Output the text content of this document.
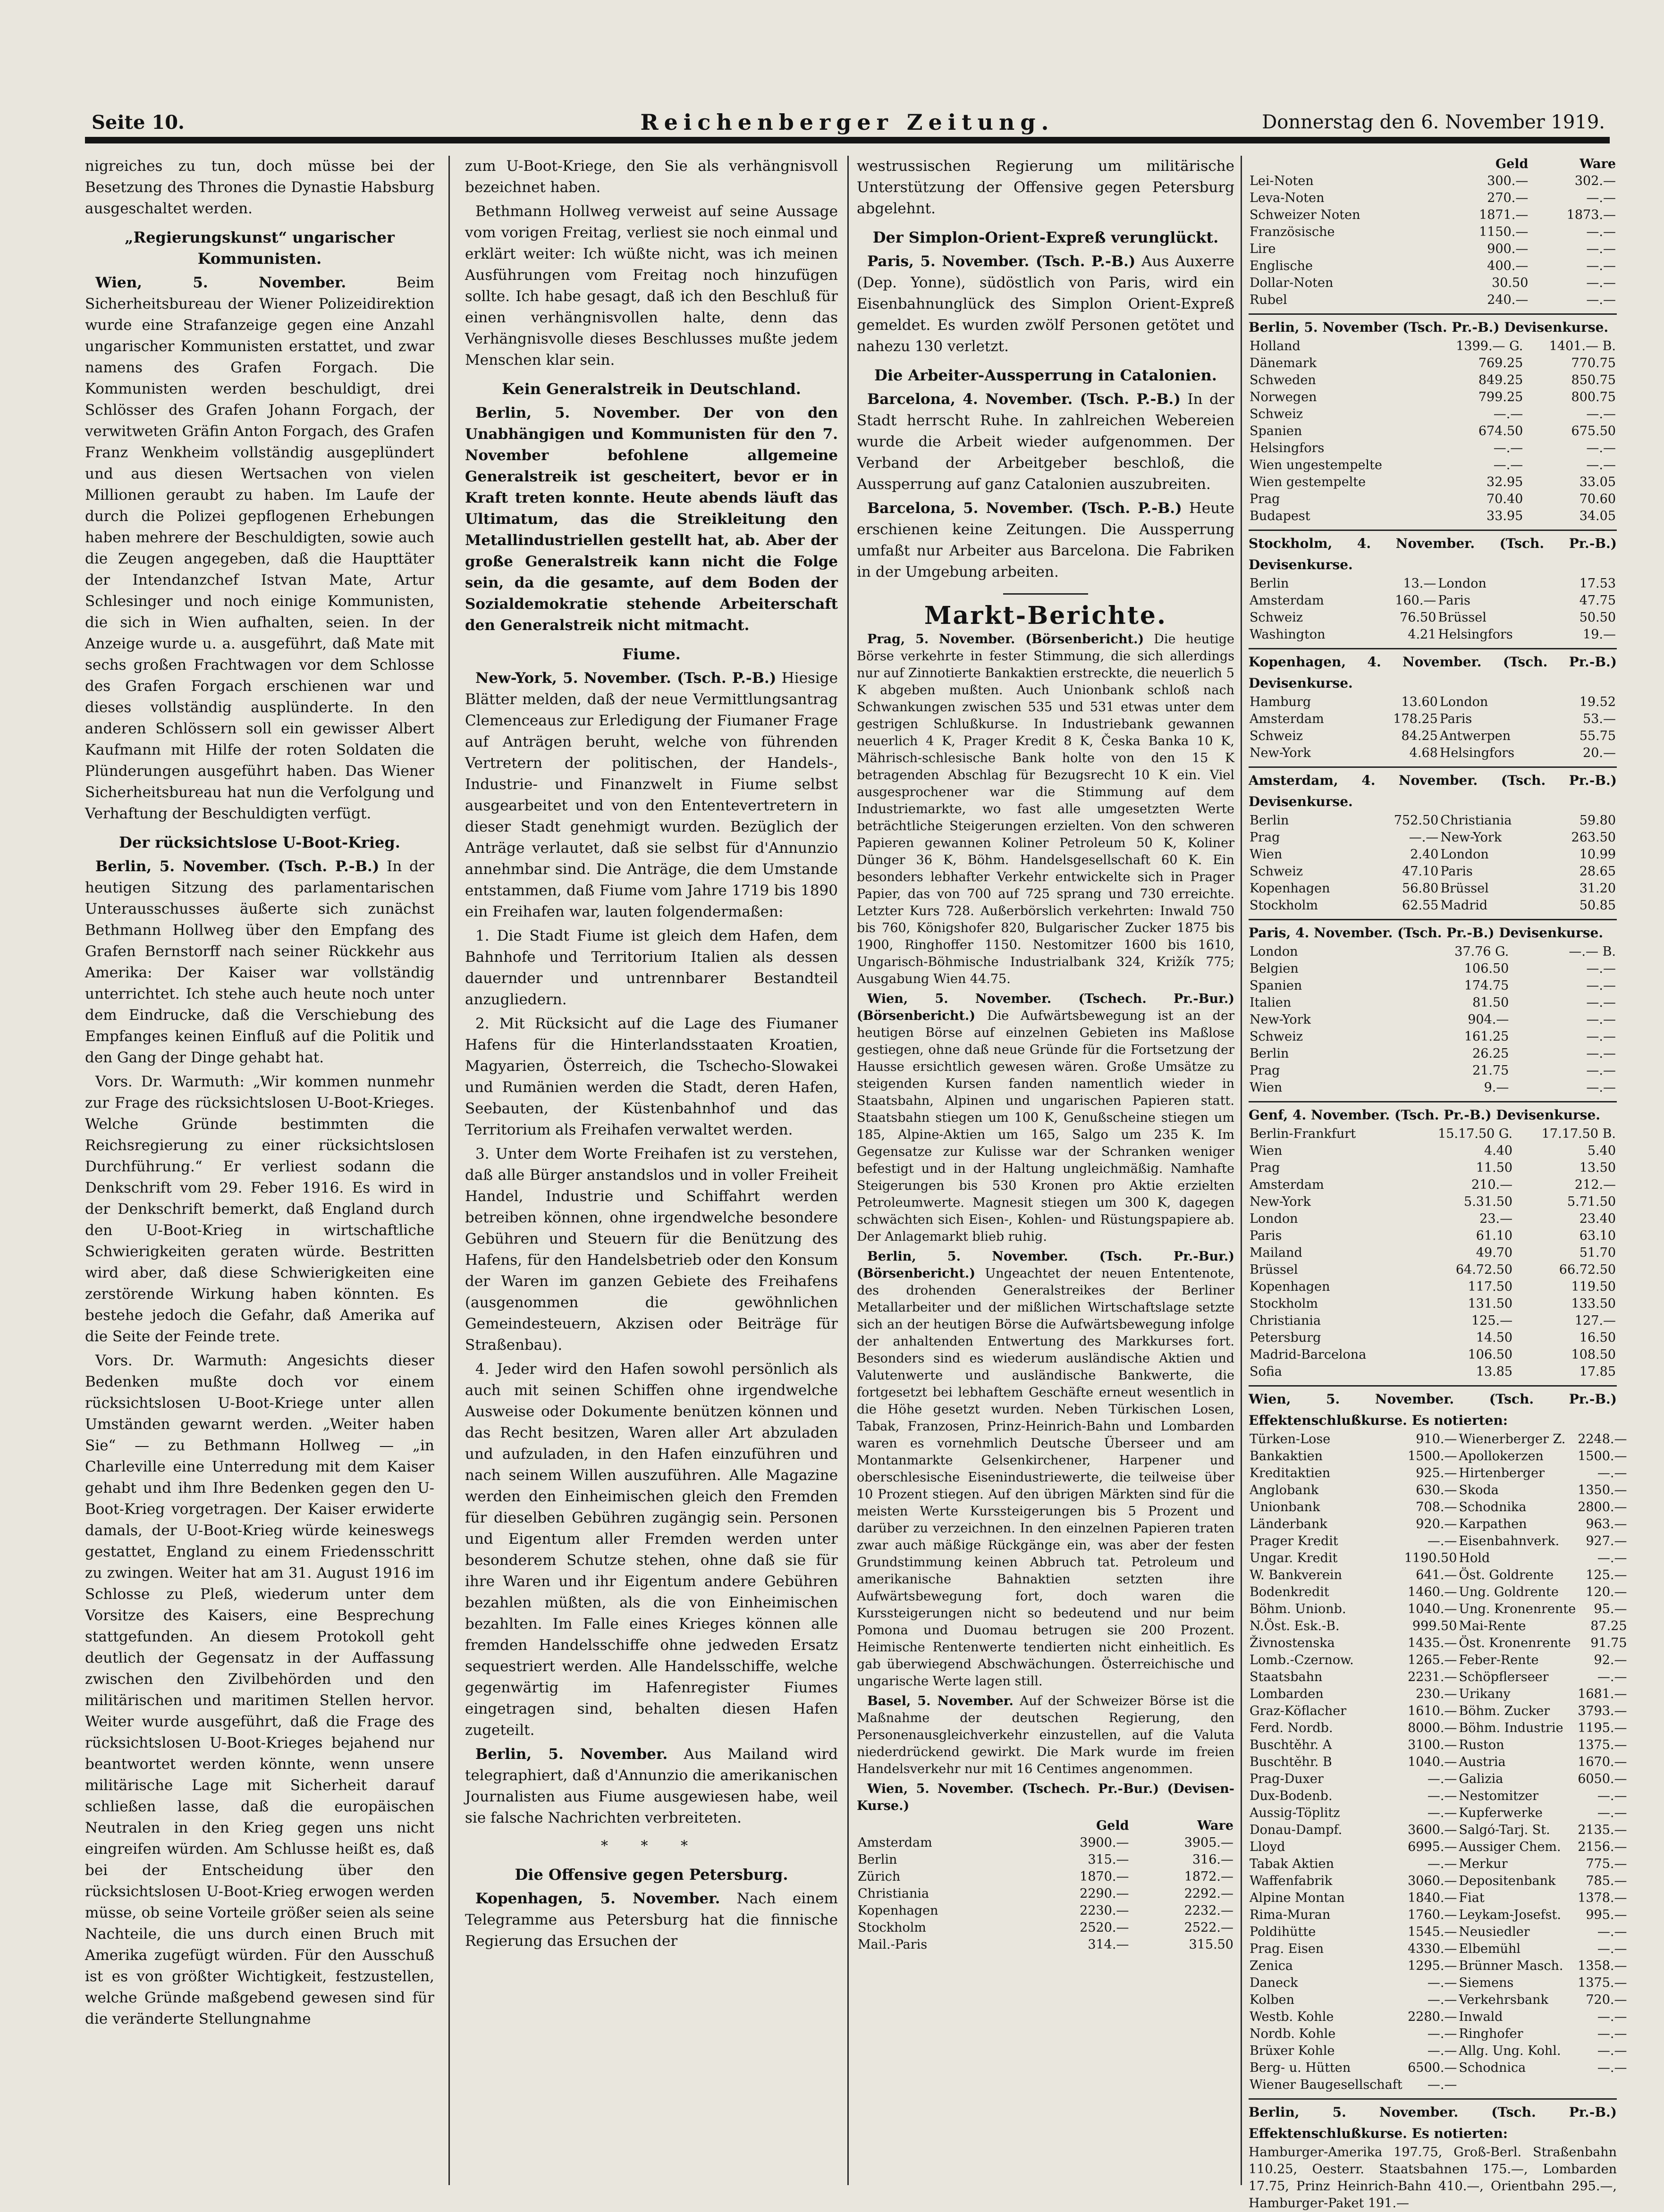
Seite 10.	Reichenberger Zeitung.	Donnerstag den 6. November 1919.

nigreiches zu tun, doch müsse bei der Besetzung des Thrones die Dynastie Habsburg ausgeschaltet werden.

„Regierungskunst“ ungarischer Kommunisten.

Wien, 5. November.	Beim Sicherheitsbureau der Wiener Polizeidirektion wurde eine Strafanzeige gegen eine Anzahl ungarischer Kommunisten erstattet, und zwar namens des Grafen Forgach. Die Kommunisten werden beschuldigt, drei Schlösser des Grafen Johann Forgach, der verwitweten Gräfin Anton Forgach, des Grafen Franz Wenkheim vollständig ausgeplündert und aus diesen Wertsachen von vielen Millionen geraubt zu haben. Im Laufe der durch die Polizei gepflogenen Erhebungen haben mehrere der Beschuldigten, sowie auch die Zeugen angegeben, daß die Haupttäter der Intendanzchef Istvan Mate, Artur Schlesinger und noch einige Kommunisten, die sich in Wien aufhalten, seien. In der Anzeige wurde u. a. ausgeführt, daß Mate mit sechs großen Frachtwagen vor dem Schlosse des Grafen Forgach erschienen war und dieses vollständig ausplünderte. In den anderen Schlössern soll ein gewisser Albert Kaufmann mit Hilfe der roten Soldaten die Plünderungen ausgeführt haben. Das Wiener Sicherheitsbureau hat nun die Verfolgung und Verhaftung der Beschuldigten verfügt.

Der rücksichtslose U-Boot-Krieg.

Berlin, 5. November. (Tsch. P.-B.) In der heutigen Sitzung des parlamentarischen Unterausschusses äußerte sich zunächst Bethmann Hollweg über den Empfang des Grafen Bernstorff nach seiner Rückkehr aus Amerika: Der Kaiser war vollständig unterrichtet. Ich stehe auch heute noch unter dem Eindrucke, daß die Verschiebung des Empfanges keinen Einfluß auf die Politik und den Gang der Dinge gehabt hat.

Vors. Dr. Warmuth: „Wir kommen nunmehr zur Frage des rücksichtslosen U-Boot-Krieges. Welche Gründe bestimmten die Reichsregierung zu einer rücksichtslosen Durchführung.“ Er verliest sodann die Denkschrift vom 29. Feber 1916. Es wird in der Denkschrift bemerkt, daß England durch den U-Boot-Krieg in wirtschaftliche Schwierigkeiten geraten würde. Bestritten wird aber, daß diese Schwierigkeiten eine zerstörende Wirkung haben könnten. Es bestehe jedoch die Gefahr, daß Amerika auf die Seite der Feinde trete.

Vors. Dr. Warmuth: Angesichts dieser Bedenken mußte doch vor einem rücksichtslosen U-Boot-Kriege unter allen Umständen gewarnt werden. „Weiter haben Sie“ — zu Bethmann Hollweg — „in Charleville eine Unterredung mit dem Kaiser gehabt und ihm Ihre Bedenken gegen den U-Boot-Krieg vorgetragen. Der Kaiser erwiderte damals, der U-Boot-Krieg würde keineswegs gestattet, England zu einem Friedensschritt zu zwingen. Weiter hat am 31. August 1916 im Schlosse zu Pleß, wiederum unter dem Vorsitze des Kaisers, eine Besprechung stattgefunden. An diesem Protokoll geht deutlich der Gegensatz in der Auffassung zwischen den Zivilbehörden und den militärischen und maritimen Stellen hervor. Weiter wurde ausgeführt, daß die Frage des rücksichtslosen U-Boot-Krieges bejahend nur beantwortet werden könnte, wenn unsere militärische Lage mit Sicherheit darauf schließen lasse, daß die europäischen Neutralen in den Krieg gegen uns nicht eingreifen würden. Am Schlusse heißt es, daß bei der Entscheidung über den rücksichtslosen U-Boot-Krieg erwogen werden müsse, ob seine Vorteile größer seien als seine Nachteile, die uns durch einen Bruch mit Amerika zugefügt würden. Für den Ausschuß ist es von größter Wichtigkeit, festzustellen, welche Gründe maßgebend gewesen sind für die veränderte Stellungnahme

zum U-Boot-Kriege, den Sie als verhängnisvoll bezeichnet haben.

Bethmann Hollweg verweist auf seine Aussage vom vorigen Freitag, verliest sie noch einmal und erklärt weiter: Ich wüßte nicht, was ich meinen Ausführungen vom Freitag noch hinzufügen sollte. Ich habe gesagt, daß ich den Beschluß für einen verhängnisvollen halte, denn das Verhängnisvolle dieses Beschlusses mußte jedem Menschen klar sein.

Kein Generalstreik in Deutschland.

Berlin, 5. November. Der von den Unabhängigen und Kommunisten für den 7. November befohlene allgemeine Generalstreik ist gescheitert, bevor er in Kraft treten konnte. Heute abends läuft das Ultimatum, das die Streikleitung den Metallindustriellen gestellt hat, ab. Aber der große Generalstreik kann nicht die Folge sein, da die gesamte, auf dem Boden der Sozialdemokratie stehende Arbeiterschaft den Generalstreik nicht mitmacht.

Fiume.

New-York, 5. November. (Tsch. P.-B.) Hiesige Blätter melden, daß der neue Vermittlungsantrag Clemenceaus zur Erledigung der Fiumaner Frage auf Anträgen beruht, welche von führenden Vertretern der politischen, der Handels-, Industrie- und Finanzwelt in Fiume selbst ausgearbeitet und von den Ententevertretern in dieser Stadt genehmigt wurden. Bezüglich der Anträge verlautet, daß sie selbst für d'Annunzio annehmbar sind. Die Anträge, die dem Umstande entstammen, daß Fiume vom Jahre 1719 bis 1890 ein Freihafen war, lauten folgendermaßen:

1. Die Stadt Fiume ist gleich dem Hafen, dem Bahnhofe und Territorium Italien als dessen dauernder und untrennbarer Bestandteil anzugliedern.

2. Mit Rücksicht auf die Lage des Fiumaner Hafens für die Hinterlandsstaaten Kroatien, Magyarien, Österreich, die Tschecho-Slowakei und Rumänien werden die Stadt, deren Hafen, Seebauten, der Küstenbahnhof und das Territorium als Freihafen verwaltet werden.

3. Unter dem Worte Freihafen ist zu verstehen, daß alle Bürger anstandslos und in voller Freiheit Handel, Industrie und Schiffahrt werden betreiben können, ohne irgendwelche besondere Gebühren und Steuern für die Benützung des Hafens, für den Handelsbetrieb oder den Konsum der Waren im ganzen Gebiete des Freihafens (ausgenommen die gewöhnlichen Gemeindesteuern, Akzisen oder Beiträge für Straßenbau).

4. Jeder wird den Hafen sowohl persönlich als auch mit seinen Schiffen ohne irgendwelche Ausweise oder Dokumente benützen können und das Recht besitzen, Waren aller Art abzuladen und aufzuladen, in den Hafen einzuführen und nach seinem Willen auszuführen. Alle Magazine werden den Einheimischen gleich den Fremden für dieselben Gebühren zugängig sein. Personen und Eigentum aller Fremden werden unter besonderem Schutze stehen, ohne daß sie für ihre Waren und ihr Eigentum andere Gebühren bezahlen müßten, als die von Einheimischen bezahlten. Im Falle eines Krieges können alle fremden Handelsschiffe ohne jedweden Ersatz sequestriert werden. Alle Handelsschiffe, welche gegenwärtig im Hafenregister Fiumes eingetragen sind, behalten diesen Hafen zugeteilt.

Berlin, 5. November. Aus Mailand wird telegraphiert, daß d'Annunzio die amerikanischen Journalisten aus Fiume ausgewiesen habe, weil sie falsche Nachrichten verbreiteten.

* * *
Die Offensive gegen Petersburg.

Kopenhagen, 5. November. Nach einem Telegramme aus Petersburg hat die finnische Regierung das Ersuchen der

westrussischen Regierung um militärische Unterstützung der Offensive gegen Petersburg abgelehnt.

Der Simplon-Orient-Expreß verunglückt.

Paris, 5. November. (Tsch. P.-B.) Aus Auxerre (Dep. Yonne), südöstlich von Paris, wird ein Eisenbahnunglück des Simplon Orient-Expreß gemeldet. Es wurden zwölf Personen getötet und nahezu 130 verletzt.

Die Arbeiter-Aussperrung in Catalonien.

Barcelona, 4. November. (Tsch. P.-B.) In der Stadt herrscht Ruhe. In zahlreichen Webereien wurde die Arbeit wieder aufgenommen. Der Verband der Arbeitgeber beschloß, die Aussperrung auf ganz Catalonien auszubreiten.

Barcelona, 5. November. (Tsch. P.-B.) Heute erschienen keine Zeitungen. Die Aussperrung umfaßt nur Arbeiter aus Barcelona. Die Fabriken in der Umgebung arbeiten.

Markt-Berichte.

Prag, 5. November. (Börsenbericht.) Die heutige Börse verkehrte in fester Stimmung, die sich allerdings nur auf Zinnotierte Bankaktien erstreckte, die neuerlich 5 K abgeben mußten. Auch Unionbank schloß nach Schwankungen zwischen 535 und 531 etwas unter dem gestrigen Schlußkurse. In Industriebank gewannen neuerlich 4 K, Prager Kredit 8 K, Česka Banka 10 K, Mährisch-schlesische Bank holte von den 15 K betragenden Abschlag für Bezugsrecht 10 K ein. Viel ausgesprochener war die Stimmung auf dem Industriemarkte, wo fast alle umgesetzten Werte beträchtliche Steigerungen erzielten. Von den schweren Papieren gewannen Koliner Petroleum 50 K, Koliner Dünger 36 K, Böhm. Handelsgesellschaft 60 K. Ein besonders lebhafter Verkehr entwickelte sich in Prager Papier, das von 700 auf 725 sprang und 730 erreichte. Letzter Kurs 728. Außerbörslich verkehrten: Inwald 750 bis 760, Königshofer 820, Bulgarischer Zucker 1875 bis 1900, Ringhoffer 1150. Nestomitzer 1600 bis 1610, Ungarisch-Böhmische Industrialbank 324, Križík 775; Ausgabung Wien 44.75.

Wien, 5. November. (Tschech. Pr.-Bur.) (Börsenbericht.) Die Aufwärtsbewegung ist an der heutigen Börse auf einzelnen Gebieten ins Maßlose gestiegen, ohne daß neue Gründe für die Fortsetzung der Hausse ersichtlich gewesen wären. Große Umsätze zu steigenden Kursen fanden namentlich wieder in Staatsbahn, Alpinen und ungarischen Papieren statt. Staatsbahn stiegen um 100 K, Genußscheine stiegen um 185, Alpine-Aktien um 165, Salgo um 235 K. Im Gegensatze zur Kulisse war der Schranken weniger befestigt und in der Haltung ungleichmäßig. Namhafte Steigerungen bis 530 Kronen pro Aktie erzielten Petroleumwerte. Magnesit stiegen um 300 K, dagegen schwächten sich Eisen-, Kohlen- und Rüstungspapiere ab. Der Anlagemarkt blieb ruhig.

Berlin, 5. November. (Tsch. Pr.-Bur.) (Börsenbericht.) Ungeachtet der neuen Ententenote, des drohenden Generalstreikes der Berliner Metallarbeiter und der mißlichen Wirtschaftslage setzte sich an der heutigen Börse die Aufwärtsbewegung infolge der anhaltenden Entwertung des Markkurses fort. Besonders sind es wiederum ausländische Aktien und Valutenwerte und ausländische Bankwerte, die fortgesetzt bei lebhaftem Geschäfte erneut wesentlich in die Höhe gesetzt wurden. Neben Türkischen Losen, Tabak, Franzosen, Prinz-Heinrich-Bahn und Lombarden waren es vornehmlich Deutsche Überseer und am Montanmarkte Gelsenkirchener, Harpener und oberschlesische Eisenindustriewerte, die teilweise über 10 Prozent stiegen. Auf den übrigen Märkten sind für die meisten Werte Kurssteigerungen bis 5 Prozent und darüber zu verzeichnen. In den einzelnen Papieren traten zwar auch mäßige Rückgänge ein, was aber der festen Grundstimmung keinen Abbruch tat. Petroleum und amerikanische Bahnaktien setzten ihre Aufwärtsbewegung fort, doch waren die Kurssteigerungen nicht so bedeutend und nur beim Pomona und Duomau betrugen sie 200 Prozent. Heimische Rentenwerte tendierten nicht einheitlich. Es gab überwiegend Abschwächungen. Österreichische und ungarische Werte lagen still.

Basel, 5. November. Auf der Schweizer Börse ist die Maßnahme der deutschen Regierung, den Personenausgleichverkehr einzustellen, auf die Valuta niederdrückend gewirkt. Die Mark wurde im freien Handelsverkehr nur mit 16 Centimes angenommen.

Wien, 5. November. (Tschech. Pr.-Bur.) (Devisen-Kurse.)

	Geld	Ware
Amsterdam	3900.—	3905.—
Berlin	315.—	316.—
Zürich	1870.—	1872.—
Christiania	2290.—	2292.—
Kopenhagen	2230.—	2232.—
Stockholm	2520.—	2522.—
Mail.-Paris	314.—	315.50
	Geld	Ware
Lei-Noten	300.—	302.—
Leva-Noten	270.—	—.—
Schweizer Noten	1871.—	1873.—
Französische	1150.—	—.—
Lire	900.—	—.—
Englische	400.—	—.—
Dollar-Noten	30.50	—.—
Rubel	240.—	—.—
Berlin, 5. November (Tsch. Pr.-B.) Devisenkurse.
Holland	1399.— G.	1401.— B.
Dänemark	769.25	770.75
Schweden	849.25	850.75
Norwegen	799.25	800.75
Schweiz	—.—	—.—
Spanien	674.50	675.50
Helsingfors	—.—	—.—
Wien ungestempelte	—.—	—.—
Wien gestempelte	32.95	33.05
Prag	70.40	70.60
Budapest	33.95	34.05
Stockholm, 4. November. (Tsch. Pr.-B.) Devisenkurse.
Berlin	13.—	London	17.53
Amsterdam	160.—	Paris	47.75
Schweiz	76.50	Brüssel	50.50
Washington	4.21	Helsingfors	19.—
Kopenhagen, 4. November. (Tsch. Pr.-B.) Devisenkurse.
Hamburg	13.60	London	19.52
Amsterdam	178.25	Paris	53.—
Schweiz	84.25	Antwerpen	55.75
New-York	4.68	Helsingfors	20.—
Amsterdam, 4. November. (Tsch. Pr.-B.) Devisenkurse.
Berlin	752.50	Christiania	59.80
Prag	—.—	New-York	263.50
Wien	2.40	London	10.99
Schweiz	47.10	Paris	28.65
Kopenhagen	56.80	Brüssel	31.20
Stockholm	62.55	Madrid	50.85
Paris, 4. November. (Tsch. Pr.-B.) Devisenkurse.
London	37.76 G.	—.— B.
Belgien	106.50	—.—
Spanien	174.75	—.—
Italien	81.50	—.—
New-York	904.—	—.—
Schweiz	161.25	—.—
Berlin	26.25	—.—
Prag	21.75	—.—
Wien	9.—	—.—
Genf, 4. November. (Tsch. Pr.-B.) Devisenkurse.
Berlin-Frankfurt	15.17.50 G.	17.17.50 B.
Wien	4.40	5.40
Prag	11.50	13.50
Amsterdam	210.—	212.—
New-York	5.31.50	5.71.50
London	23.—	23.40
Paris	61.10	63.10
Mailand	49.70	51.70
Brüssel	64.72.50	66.72.50
Kopenhagen	117.50	119.50
Stockholm	131.50	133.50
Christiania	125.—	127.—
Petersburg	14.50	16.50
Madrid-Barcelona	106.50	108.50
Sofia	13.85	17.85
Wien, 5. November. (Tsch. Pr.-B.) Effektenschlußkurse. Es notierten:
Türken-Lose	910.—	Wienerberger Z.	2248.—
Bankaktien	1500.—	Apollokerzen	1500.—
Kreditaktien	925.—	Hirtenberger	—.—
Anglobank	630.—	Skoda	1350.—
Unionbank	708.—	Schodnika	2800.—
Länderbank	920.—	Karpathen	963.—
Prager Kredit	—.—	Eisenbahnverk.	927.—
Ungar. Kredit	1190.50	Hold	—.—
W. Bankverein	641.—	Öst. Goldrente	125.—
Bodenkredit	1460.—	Ung. Goldrente	120.—
Böhm. Unionb.	1040.—	Ung. Kronenrente	95.—
N.Öst. Esk.-B.	999.50	Mai-Rente	87.25
Živnostenska	1435.—	Öst. Kronenrente	91.75
Lomb.-Czernow.	1265.—	Feber-Rente	92.—
Staatsbahn	2231.—	Schöpflerseer	—.—
Lombarden	230.—	Urikany	1681.—
Graz-Köflacher	1610.—	Böhm. Zucker	3793.—
Ferd. Nordb.	8000.—	Böhm. Industrie	1195.—
Buschtěhr. A	3100.—	Ruston	1375.—
Buschtěhr. B	1040.—	Austria	1670.—
Prag-Duxer	—.—	Galizia	6050.—
Dux-Bodenb.	—.—	Nestomitzer	—.—
Aussig-Töplitz	—.—	Kupferwerke	—.—
Donau-Dampf.	3600.—	Salgó-Tarj. St.	2135.—
Lloyd	6995.—	Aussiger Chem.	2156.—
Tabak Aktien	—.—	Merkur	775.—
Waffenfabrik	3060.—	Depositenbank	785.—
Alpine Montan	1840.—	Fiat	1378.—
Rima-Muran	1760.—	Leykam-Josefst.	995.—
Poldihütte	1545.—	Neusiedler	—.—
Prag. Eisen	4330.—	Elbemühl	—.—
Zenica	1295.—	Brünner Masch.	1358.—
Daneck	—.—	Siemens	1375.—
Kolben	—.—	Verkehrsbank	720.—
Westb. Kohle	2280.—	Inwald	—.—
Nordb. Kohle	—.—	Ringhofer	—.—
Brüxer Kohle	—.—	Allg. Ung. Kohl.	—.—
Berg- u. Hütten	6500.—	Schodnica	—.—
Wiener Baugesellschaft	—.—		
Berlin, 5. November. (Tsch. Pr.-B.) Effektenschlußkurse. Es notierten:

Hamburger-Amerika 197.75, Groß-Berl. Straßenbahn 110.25, Oesterr. Staatsbahnen 175.—, Lombarden 17.75, Prinz Heinrich-Bahn 410.—, Orientbahn 295.—, Hamburger-Paket 191.—
